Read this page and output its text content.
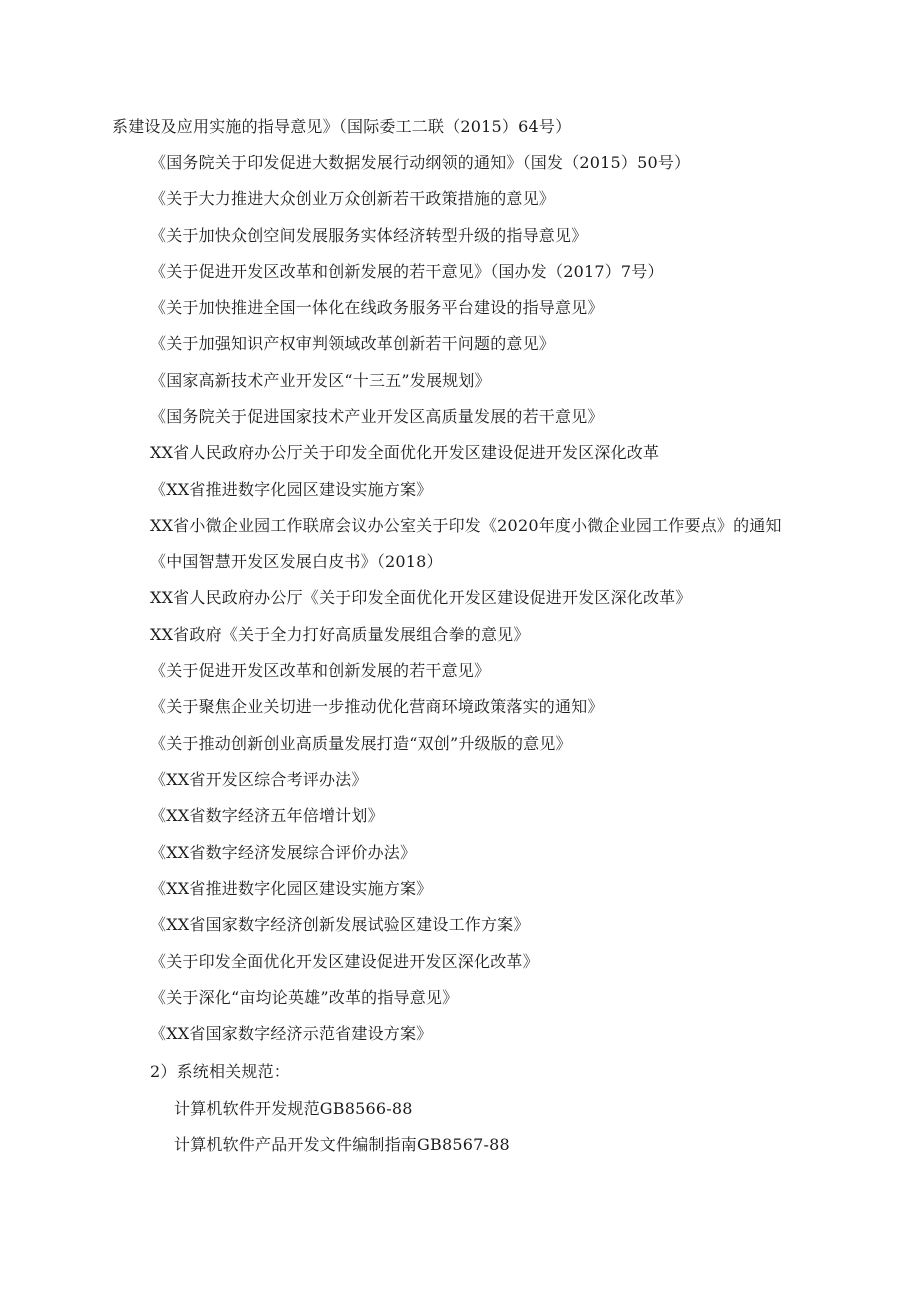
系建设及应用实施的指导意见》（国际委工二联（2015）64号）
《国务院关于印发促进大数据发展行动纲领的通知》（国发（2015）50号）
《关于大力推进大众创业万众创新若干政策措施的意见》
《关于加快众创空间发展服务实体经济转型升级的指导意见》
《关于促进开发区改革和创新发展的若干意见》（国办发（2017）7号）
《关于加快推进全国一体化在线政务服务平台建设的指导意见》
《关于加强知识产权审判领域改革创新若干问题的意见》
《国家高新技术产业开发区“十三五”发展规划》
《国务院关于促进国家技术产业开发区高质量发展的若干意见》
XX省人民政府办公厅关于印发全面优化开发区建设促进开发区深化改革
《XX省推进数字化园区建设实施方案》
XX省小微企业园工作联席会议办公室关于印发《2020年度小微企业园工作要点》的通知
《中国智慧开发区发展白皮书》（2018）
XX省人民政府办公厅《关于印发全面优化开发区建设促进开发区深化改革》
XX省政府《关于全力打好高质量发展组合拳的意见》
《关于促进开发区改革和创新发展的若干意见》
《关于聚焦企业关切进一步推动优化营商环境政策落实的通知》
《关于推动创新创业高质量发展打造“双创”升级版的意见》
《XX省开发区综合考评办法》
《XX省数字经济五年倍增计划》
《XX省数字经济发展综合评价办法》
《XX省推进数字化园区建设实施方案》
《XX省国家数字经济创新发展试验区建设工作方案》
《关于印发全面优化开发区建设促进开发区深化改革》
《关于深化“亩均论英雄”改革的指导意见》
《XX省国家数字经济示范省建设方案》
2）系统相关规范：
计算机软件开发规范GB8566-88
计算机软件产品开发文件编制指南GB8567-88
